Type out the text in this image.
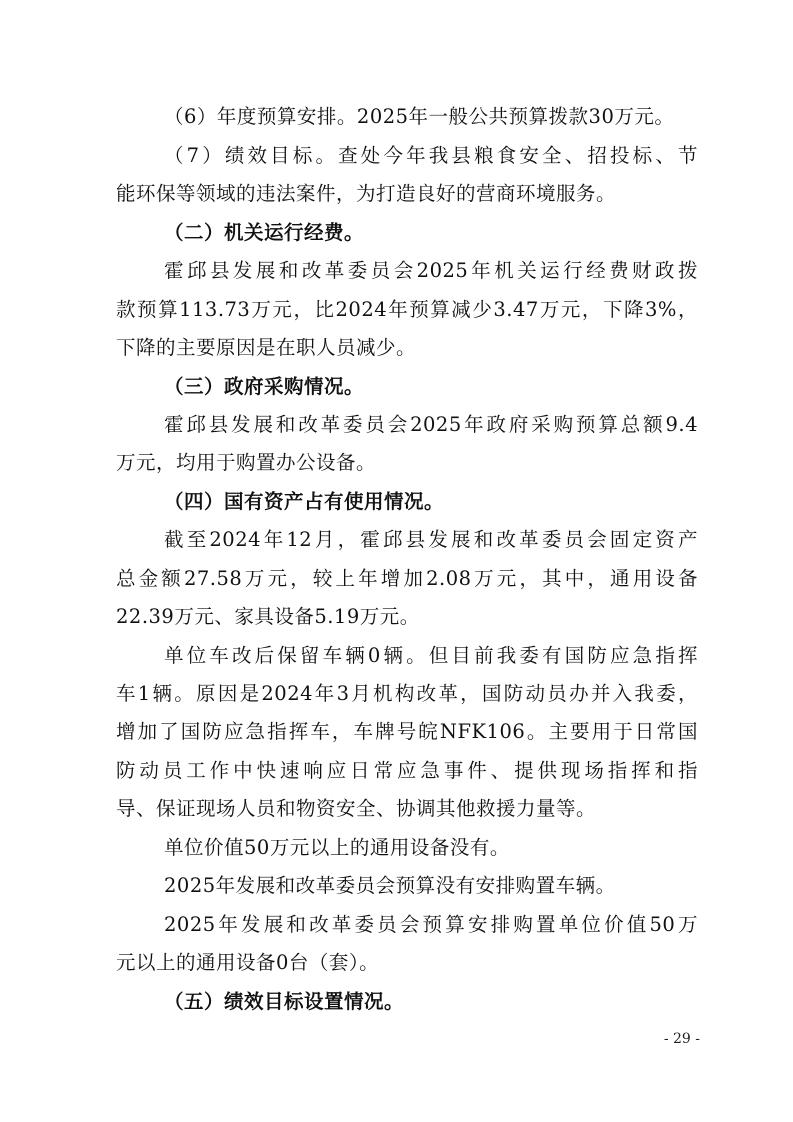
（6）年度预算安排。2025年一般公共预算拨款30万元。
（7）绩效目标。查处今年我县粮食安全、招投标、节
能环保等领域的违法案件，为打造良好的营商环境服务。
（二）机关运行经费。
霍邱县发展和改革委员会2025年机关运行经费财政拨
款预算113.73万元，比2024年预算减少3.47万元，下降3%，
下降的主要原因是在职人员减少。
（三）政府采购情况。
霍邱县发展和改革委员会2025年政府采购预算总额9.4
万元，均用于购置办公设备。
（四）国有资产占有使用情况。
截至2024年12月，霍邱县发展和改革委员会固定资产
总金额27.58万元，较上年增加2.08万元，其中，通用设备
22.39万元、家具设备5.19万元。
单位车改后保留车辆0辆。但目前我委有国防应急指挥
车1辆。原因是2024年3月机构改革，国防动员办并入我委，
增加了国防应急指挥车，车牌号皖NFK106。主要用于日常国
防动员工作中快速响应日常应急事件、提供现场指挥和指
导、保证现场人员和物资安全、协调其他救援力量等。
单位价值50万元以上的通用设备没有。
2025年发展和改革委员会预算没有安排购置车辆。
2025年发展和改革委员会预算安排购置单位价值50万
元以上的通用设备0台（套）。
（五）绩效目标设置情况。
- 29 -
